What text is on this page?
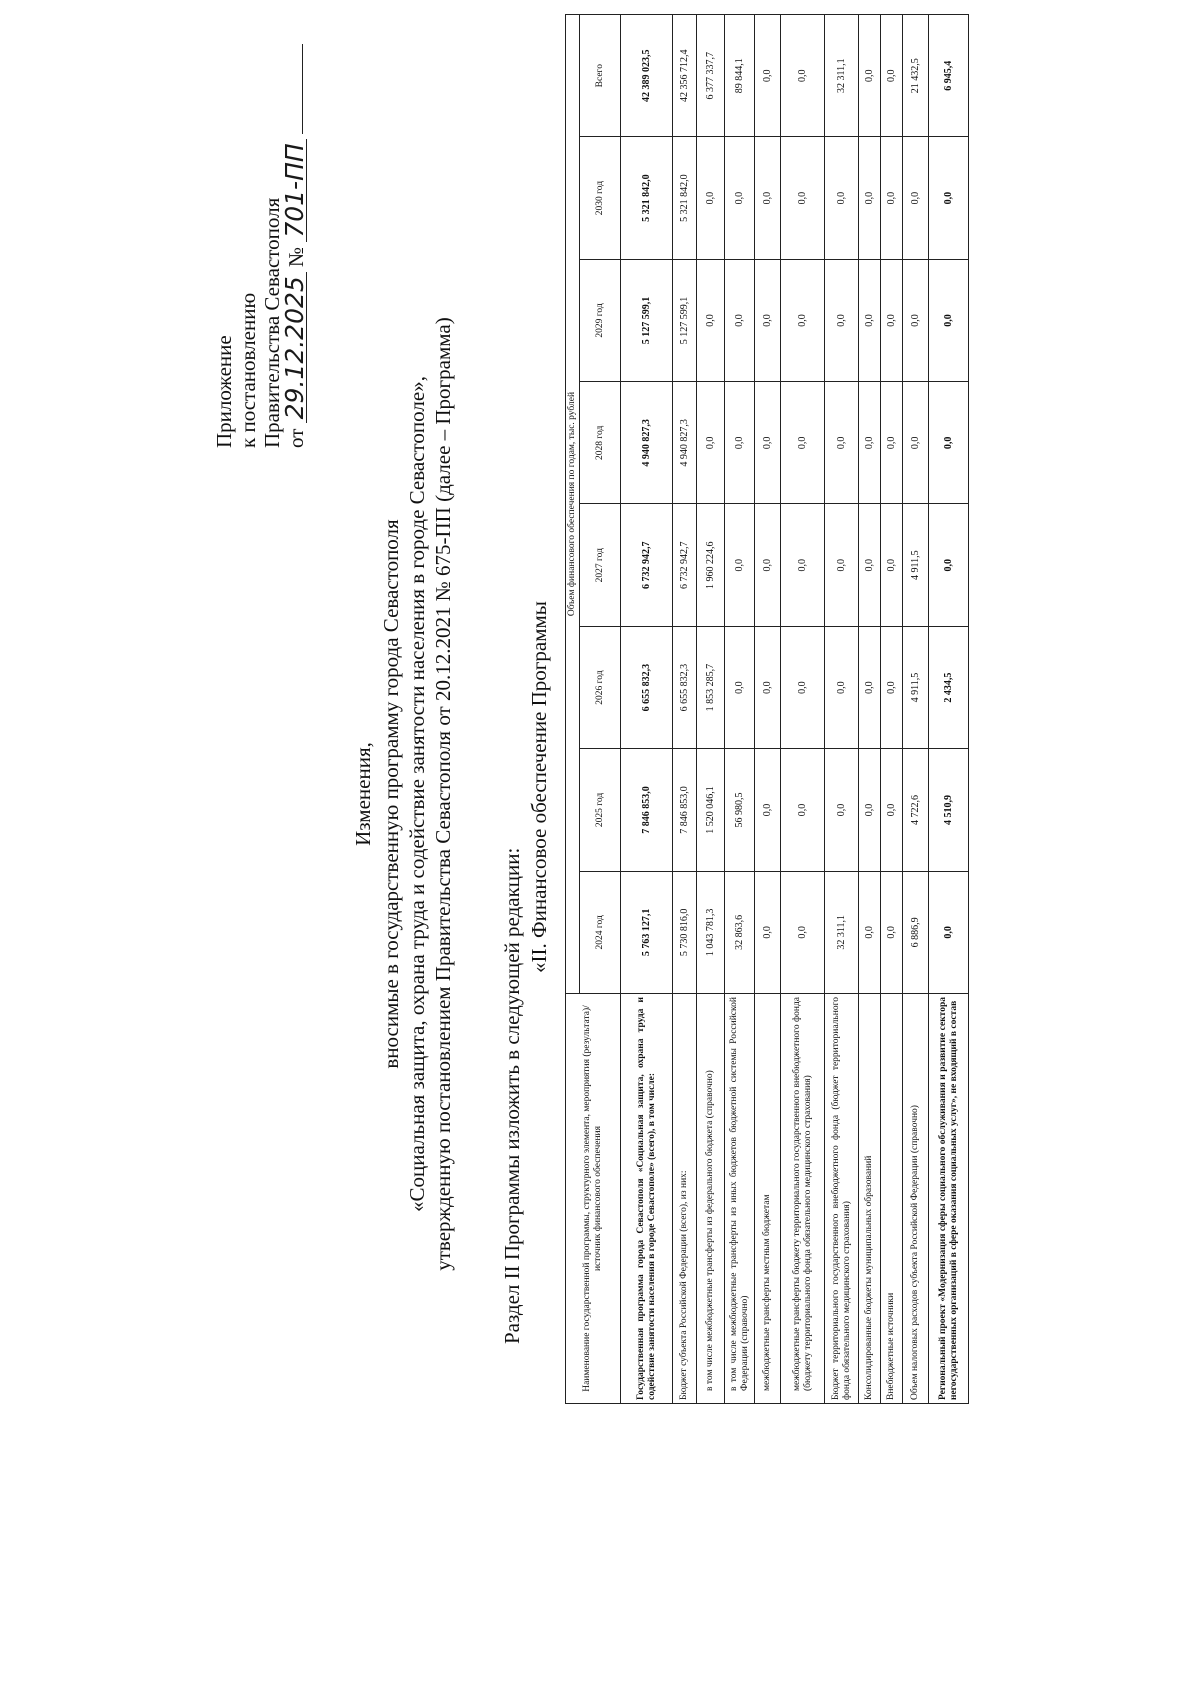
Приложение к постановлению Правительства Севастополя от 29.12.2025 № 701-ПП
Изменения, вносимые в государственную программу города Севастополя «Социальная защита, охрана труда и содействие занятости населения в городе Севастополе», утвержденную постановлением Правительства Севастополя от 20.12.2021 № 675-ПП (далее – Программа) Раздел II Программы изложить в следующей редакции:
«II. Финансовое обеспечение Программы
Наименование государственной программы, структурного элемента, мероприятия (результата)/источник финансового обеспечения	Объем финансового обеспечения по годам, тыс. рублей							
	2024 год	2025 год	2026 год	2027 год	2028 год	2029 год	2030 год	Всего
Государственная программа города Севастополя «Социальная защита, охрана труда и содействие занятости населения в городе Севастополе» (всего), в том числе:	5 763 127,1	7 846 853,0	6 655 832,3	6 732 942,7	4 940 827,3	5 127 599,1	5 321 842,0	42 389 023,5
Бюджет субъекта Российской Федерации (всего), из них:	5 730 816,0	7 846 853,0	6 655 832,3	6 732 942,7	4 940 827,3	5 127 599,1	5 321 842,0	42 356 712,4
в том числе межбюджетные трансферты из федерального бюджета (справочно)	1 043 781,3	1 520 046,1	1 853 285,7	1 960 224,6	0,0	0,0	0,0	6 377 337,7
в том числе межбюджетные трансферты из иных бюджетов бюджетной системы Российской Федерации (справочно)	32 863,6	56 980,5	0,0	0,0	0,0	0,0	0,0	89 844,1
межбюджетные трансферты местным бюджетам	0,0	0,0	0,0	0,0	0,0	0,0	0,0	0,0
межбюджетные трансферты бюджету территориального государственного внебюджетного фонда (бюджету территориального фонда обязательного медицинского страхования)	0,0	0,0	0,0	0,0	0,0	0,0	0,0	0,0
Бюджет территориального государственного внебюджетного фонда (бюджет территориального фонда обязательного медицинского страхования)	32 311,1	0,0	0,0	0,0	0,0	0,0	0,0	32 311,1
Консолидированные бюджеты муниципальных образований	0,0	0,0	0,0	0,0	0,0	0,0	0,0	0,0
Внебюджетные источники	0,0	0,0	0,0	0,0	0,0	0,0	0,0	0,0
Объем налоговых расходов субъекта Российской Федерации (справочно)	6 886,9	4 722,6	4 911,5	4 911,5	0,0	0,0	0,0	21 432,5
Региональный проект «Модернизация сферы социального обслуживания и развитие сектора негосударственных организаций в сфере оказания социальных услуг», не входящий в состав	0,0	4 510,9	2 434,5	0,0	0,0	0,0	0,0	6 945,4
